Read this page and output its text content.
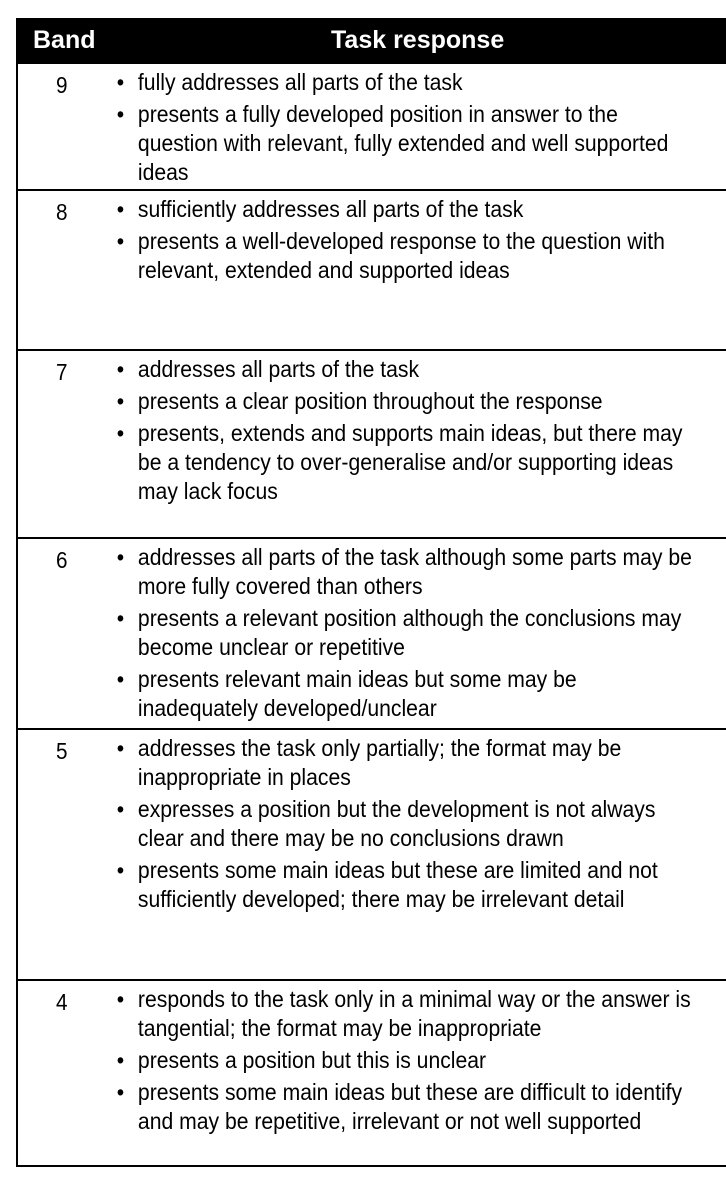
Band	Task response
9	• fully addresses all parts of the task
• presents a fully developed position in answer to the
question with relevant, fully extended and well supported
ideas
8	• sufficiently addresses all parts of the task
• presents a well-developed response to the question with
relevant, extended and supported ideas
7	• addresses all parts of the task
• presents a clear position throughout the response
• presents, extends and supports main ideas, but there may
be a tendency to over-generalise and/or supporting ideas
may lack focus
6	• addresses all parts of the task although some parts may be
more fully covered than others
• presents a relevant position although the conclusions may
become unclear or repetitive
• presents relevant main ideas but some may be
inadequately developed/unclear
5	• addresses the task only partially; the format may be
inappropriate in places
• expresses a position but the development is not always
clear and there may be no conclusions drawn
• presents some main ideas but these are limited and not
sufficiently developed; there may be irrelevant detail
4	• responds to the task only in a minimal way or the answer is
tangential; the format may be inappropriate
• presents a position but this is unclear
• presents some main ideas but these are difficult to identify
and may be repetitive, irrelevant or not well supported
